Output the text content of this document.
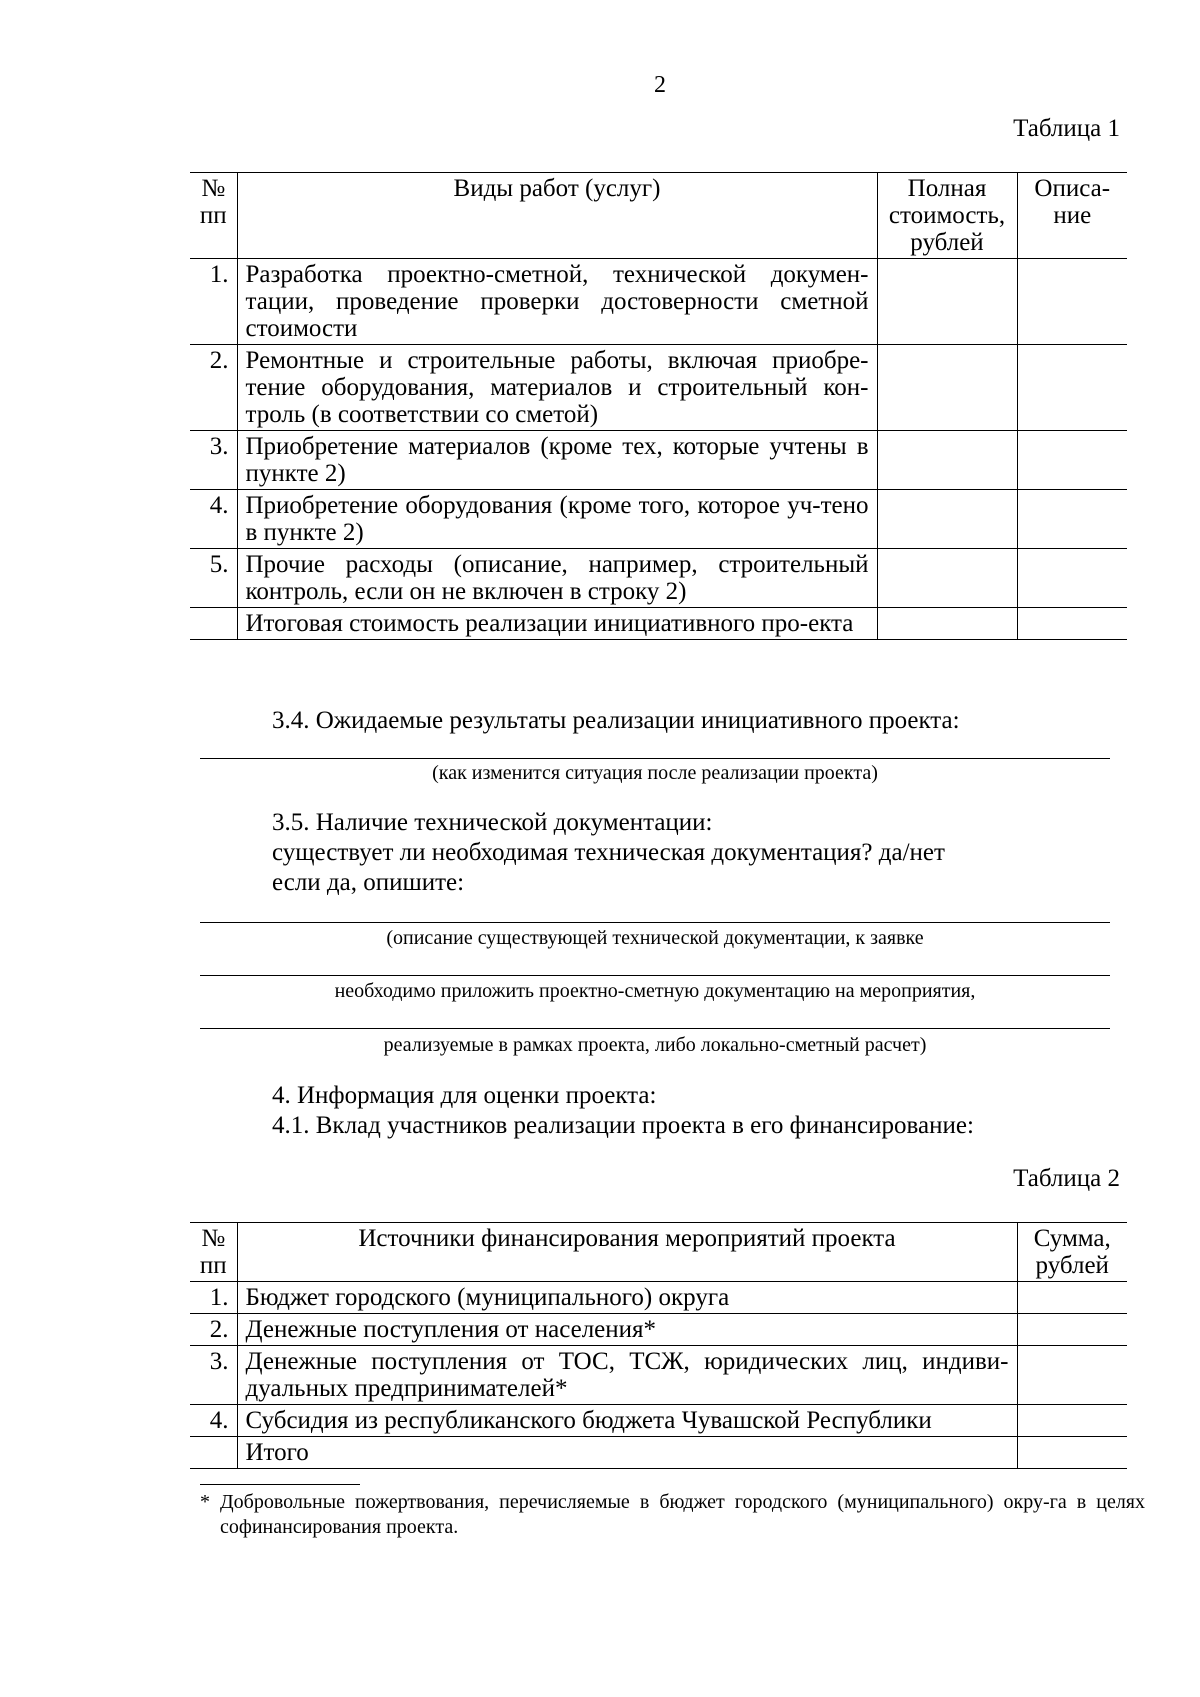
2
Таблица 1
№ пп	Виды работ (услуг)	Полная стоимость, рублей	Описа-ние
1.	Разработка проектно-сметной, технической докумен-тации, проведение проверки достоверности сметной стоимости		
2.	Ремонтные и строительные работы, включая приобре-тение оборудования, материалов и строительный кон-троль (в соответствии со сметой)		
3.	Приобретение материалов (кроме тех, которые учтены в пункте 2)		
4.	Приобретение оборудования (кроме того, которое уч-тено в пункте 2)		
5.	Прочие расходы (описание, например, строительный контроль, если он не включен в строку 2)		
	Итоговая стоимость реализации инициативного про-екта		
3.4. Ожидаемые результаты реализации инициативного проекта:
(как изменится ситуация после реализации проекта)
3.5. Наличие технической документации:
существует ли необходимая техническая документация? да/нет
если да, опишите:
(описание существующей технической документации, к заявке
необходимо приложить проектно-сметную документацию на мероприятия,
реализуемые в рамках проекта, либо локально-сметный расчет)
4. Информация для оценки проекта:
4.1. Вклад участников реализации проекта в его финансирование:
Таблица 2
№ пп	Источники финансирования мероприятий проекта	Сумма, рублей
1.	Бюджет городского (муниципального) округа	
2.	Денежные поступления от населения*	
3.	Денежные поступления от ТОС, ТСЖ, юридических лиц, индиви-дуальных предпринимателей*	
4.	Субсидия из республиканского бюджета Чувашской Республики	
	Итого	
* Добровольные пожертвования, перечисляемые в бюджет городского (муниципального) окру-га в целях софинансирования проекта.
